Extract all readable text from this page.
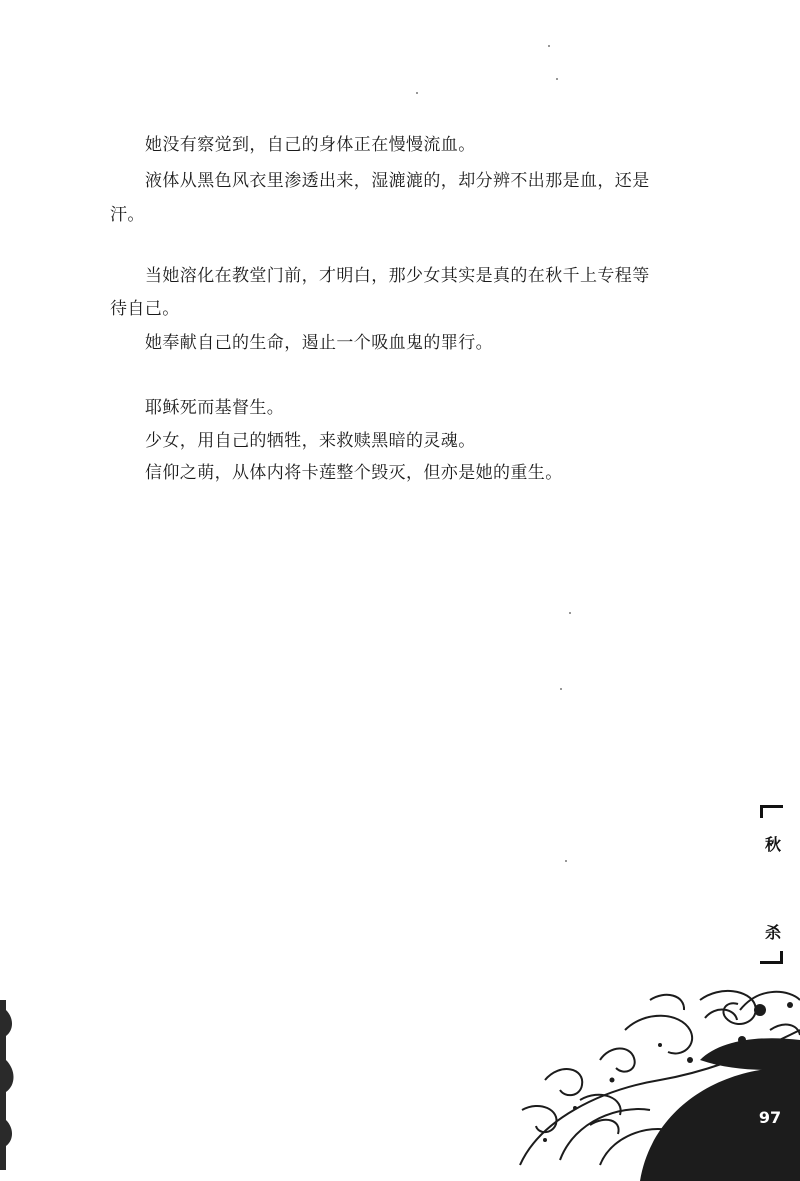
她没有察觉到，自己的身体正在慢慢流血。
液体从黑色风衣里渗透出来，湿漉漉的，却分辨不出那是血，还是
汗。
当她溶化在教堂门前，才明白，那少女其实是真的在秋千上专程等
待自己。
她奉献自己的生命，遏止一个吸血鬼的罪行。
耶稣死而基督生。
少女，用自己的牺牲，来救赎黑暗的灵魂。
信仰之萌，从体内将卡莲整个毁灭，但亦是她的重生。
秋
杀
97
